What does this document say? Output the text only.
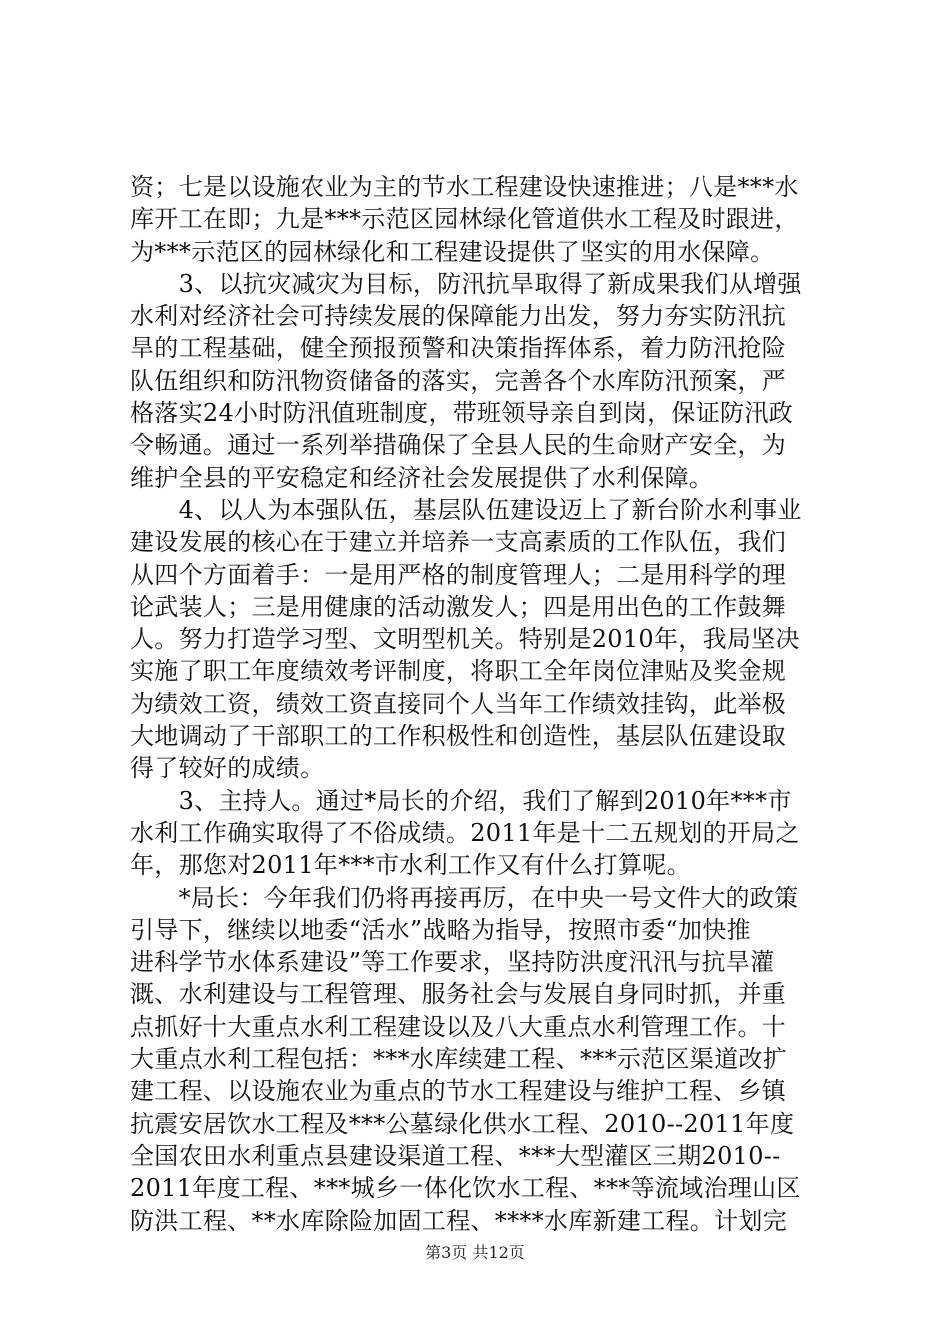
资；七是以设施农业为主的节水工程建设快速推进；八是***水
库开工在即；九是***示范区园林绿化管道供水工程及时跟进，
为***示范区的园林绿化和工程建设提供了坚实的用水保障。
　　3、以抗灾减灾为目标，防汛抗旱取得了新成果我们从增强
水利对经济社会可持续发展的保障能力出发，努力夯实防汛抗
旱的工程基础，健全预报预警和决策指挥体系，着力防汛抢险
队伍组织和防汛物资储备的落实，完善各个水库防汛预案，严
格落实24小时防汛值班制度，带班领导亲自到岗，保证防汛政
令畅通。通过一系列举措确保了全县人民的生命财产安全，为
维护全县的平安稳定和经济社会发展提供了水利保障。
　　4、以人为本强队伍，基层队伍建设迈上了新台阶水利事业
建设发展的核心在于建立并培养一支高素质的工作队伍，我们
从四个方面着手：一是用严格的制度管理人；二是用科学的理
论武装人；三是用健康的活动激发人；四是用出色的工作鼓舞
人。努力打造学习型、文明型机关。特别是2010年，我局坚决
实施了职工年度绩效考评制度，将职工全年岗位津贴及奖金规
为绩效工资，绩效工资直接同个人当年工作绩效挂钩，此举极
大地调动了干部职工的工作积极性和创造性，基层队伍建设取
得了较好的成绩。
　　3、主持人。通过*局长的介绍，我们了解到2010年***市
水利工作确实取得了不俗成绩。2011年是十二五规划的开局之
年，那您对2011年***市水利工作又有什么打算呢。
　　*局长：今年我们仍将再接再厉，在中央一号文件大的政策
引导下，继续以地委“活水”战略为指导，按照市委“加快推
进科学节水体系建设”等工作要求，坚持防洪度汛汛与抗旱灌
溉、水利建设与工程管理、服务社会与发展自身同时抓，并重
点抓好十大重点水利工程建设以及八大重点水利管理工作。十
大重点水利工程包括：***水库续建工程、***示范区渠道改扩
建工程、以设施农业为重点的节水工程建设与维护工程、乡镇
抗震安居饮水工程及***公墓绿化供水工程、2010--2011年度
全国农田水利重点县建设渠道工程、***大型灌区三期2010--
2011年度工程、***城乡一体化饮水工程、***等流域治理山区
防洪工程、**水库除险加固工程、****水库新建工程。计划完
第3页 共12页
